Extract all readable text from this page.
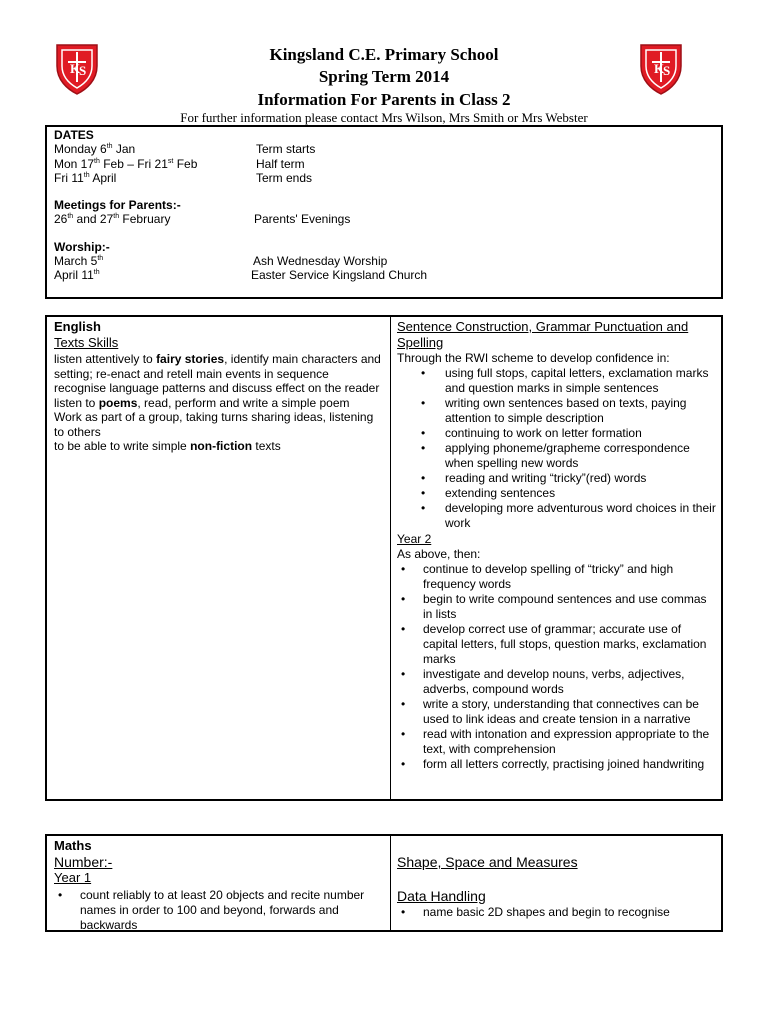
K
S	K
S
Kingsland C.E. Primary School
Spring Term 2014
Information For Parents in Class 2
For further information please contact Mrs Wilson, Mrs Smith or Mrs Webster
DATES
Monday 6th Jan	Term starts
Mon 17th Feb – Fri 21st Feb	Half term
Fri 11th April	Term ends
Meetings for Parents:-
26th and 27th February	Parents' Evenings
Worship:-
March 5th	Ash Wednesday Worship
April 11th	Easter Service Kingsland Church
English
Texts Skills

listen attentively to fairy stories, identify main characters and setting; re-enact and retell main events in sequence

recognise language patterns and discuss effect on the reader

listen to poems, read, perform and write a simple poem

Work as part of a group, taking turns sharing ideas, listening to others

to be able to write simple non-fiction texts

Sentence Construction, Grammar Punctuation and Spelling
Through the RWI scheme to develop confidence in:
• using full stops, capital letters, exclamation marks and question marks in simple sentences
• writing own sentences based on texts, paying attention to simple description
• continuing to work on letter formation
• applying phoneme/grapheme correspondence when spelling new words
• reading and writing “tricky”(red) words
• extending sentences
• developing more adventurous word choices in their work
Year 2
As above, then:
• continue to develop spelling of “tricky” and high frequency words
• begin to write compound sentences and use commas in lists
• develop correct use of grammar; accurate use of capital letters, full stops, question marks, exclamation marks
• investigate and develop nouns, verbs, adjectives, adverbs, compound words
• write a story, understanding that connectives can be used to link ideas and create tension in a narrative
• read with intonation and expression appropriate to the text, with comprehension
• form all letters correctly, practising joined handwriting
Maths
Number:-
Year 1
• count reliably to at least 20 objects and recite number names in order to 100 and beyond, forwards and backwards
Shape, Space and Measures
Data Handling
• name basic 2D shapes and begin to recognise
